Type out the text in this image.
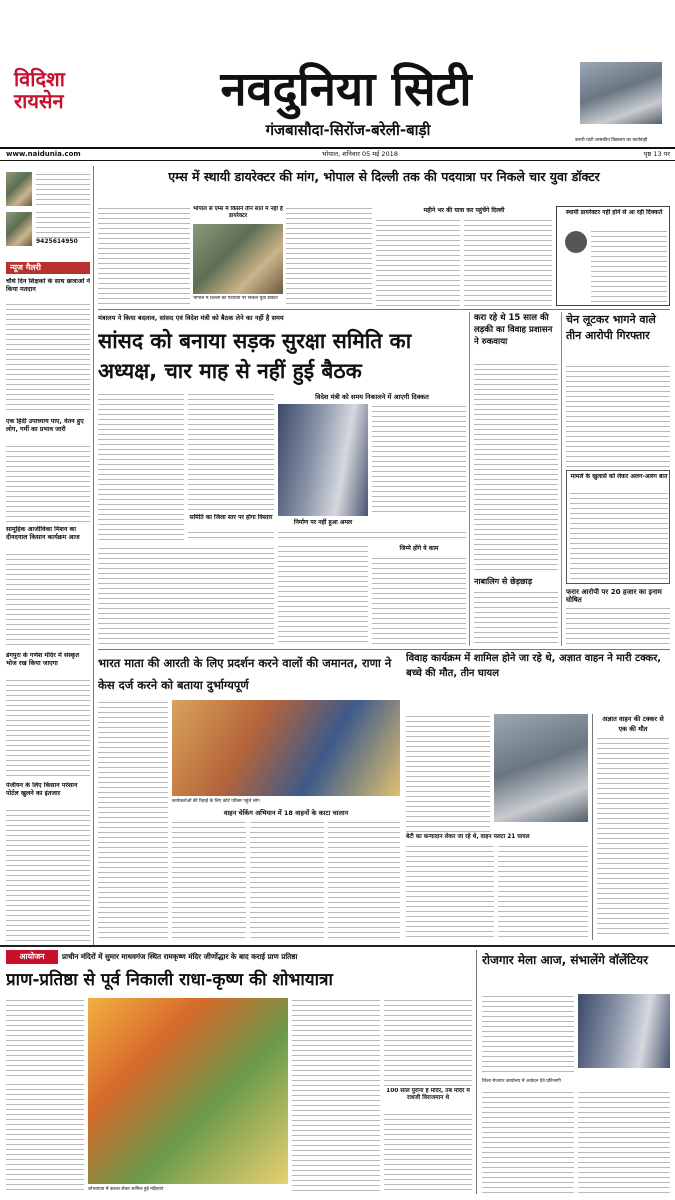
विदिशा
रायसेन	नवदुनिया सिटी
गंजबासौदा-सिरोंज-बरेली-बाड़ी
करारी घाटी शासकीय विद्यालय का कार्यवाही
www.naidunia.com	भोपाल, शनिवार 05 मई 2018	पृष्ठ 13 पर
9425614950
न्यूज गैलरी
चौथे दिन शिक्षकों के साथ छात्राओं ने किया मतदान
एक हिंदी उपाध्याय पाए, वेतन हुए लोग, गर्मी का प्रभाव जारी
सामूहिक आजीविका मिशन का दीनदयाल किसान कार्यक्रम आज
डंगपुरा के गणेश मंदिर में संस्कृत भोज रख किया जाएगा
पंजीयन के लिए किसान परेशान पोर्टल खुलने का इंतजार
एम्स में स्थायी डायरेक्टर की मांग, भोपाल से दिल्ली तक की पदयात्रा पर निकले चार युवा डॉक्टर
भोपाल से एम्स में किसने तीन सात में नहीं है डायरेक्टर
भोपाल में दिल्ली की पदयात्रा पर निकले युवा डॉक्टर
महीने भर की यात्रा कर पहुंचेंगे दिल्ली	स्थायी डायरेक्टर नहीं होने से आ रही दिक्कतें
मंत्रालय ने किया बदलाव, सांसद एवं विदेश मंत्री को बैठक लेने का नहीं है समय
सांसद को बनाया सड़क सुरक्षा समिति का अध्यक्ष, चार माह से नहीं हुई बैठक
समिति का जिला स्तर पर होगा विस्तार
विदेश मंत्री को समय निकालने में आएगी दिक्कत
निर्माण पर नहीं हुआ अमल
जिम्मे होंगे ये काम
करा रहे थे 15 साल की लड़की का विवाह प्रशासन ने रुकवाया
नाबालिग से छेड़छाड़
चेन लूटकर भागने वाले तीन आरोपी गिरफ्तार
मामले के खुलासे को लेकर अलग-अलग बात
फरार आरोपी पर 20 हजार का इनाम घोषित
भारत माता की आरती के लिए प्रदर्शन करने वालों की जमानत, राणा ने केस दर्ज करने को बताया दुर्भाग्यपूर्ण
कार्यकर्ताओं की रिहाई के लिए कोर्ट परिसर पहुंचे लोग
वाहन चेकिंग अभियान में 18 वाहनों के काटा चालान
विवाह कार्यक्रम में शामिल होने जा रहे थे, अज्ञात वाहन ने मारी टक्कर, बच्चे की मौत, तीन घायल
बेटी का कन्यादान लेकर जा रहे थे, वाहन पलटा 21 घायल
अज्ञात वाहन की टक्कर से एक की मौत
आयोजन	प्राचीन मंदिरों में सुमार माधवगंज स्थित रामकृष्ण मंदिर जीर्णोद्धार के बाद कराई प्राण प्रतिष्ठा
प्राण-प्रतिष्ठा से पूर्व निकाली राधा-कृष्ण की शोभायात्रा
शोभायात्रा में कलश लेकर शामिल हुई महिलाएं
100 साल पुराना है मंदिर, तब मंदिर में राधजी विराजमान थे
रोजगार मेला आज, संभालेंगे वॉलेंटियर
जिला रोजगार कार्यालय में आवेदन देते प्रतिभागी
